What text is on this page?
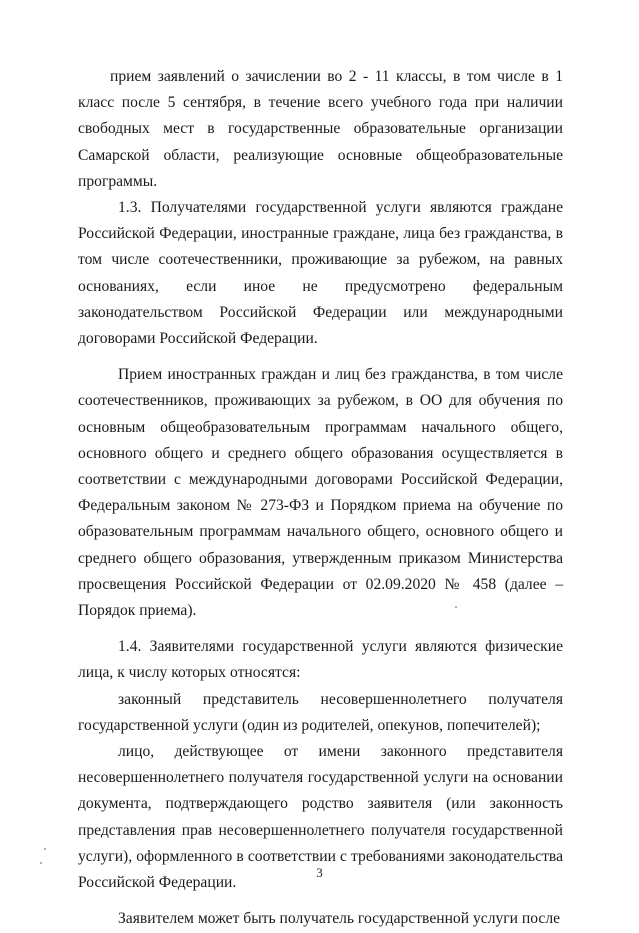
прием заявлений о зачислении во 2 - 11 классы, в том числе в 1 класс после 5 сентября, в течение всего учебного года при наличии свободных мест в государственные образовательные организации Самарской области, реализующие основные общеобразовательные программы.

1.3. Получателями государственной услуги являются граждане Российской Федерации, иностранные граждане, лица без гражданства, в том числе соотечественники, проживающие за рубежом, на равных основаниях, если иное не предусмотрено федеральным законодательством Российской Федерации или международными договорами Российской Федерации.

Прием иностранных граждан и лиц без гражданства, в том числе соотечественников, проживающих за рубежом, в ОО для обучения по основным общеобразовательным программам начального общего, основного общего и среднего общего образования осуществляется в соответствии с международными договорами Российской Федерации, Федеральным законом № 273-ФЗ и Порядком приема на обучение по образовательным программам начального общего, основного общего и среднего общего образования, утвержденным приказом Министерства просвещения Российской Федерации от 02.09.2020 № 458 (далее – Порядок приема).

1.4. Заявителями государственной услуги являются физические лица, к числу которых относятся:

законный представитель несовершеннолетнего получателя государственной услуги (один из родителей, опекунов, попечителей);

лицо, действующее от имени законного представителя несовершеннолетнего получателя государственной услуги на основании документа, подтверждающего родство заявителя (или законность представления прав несовершеннолетнего получателя государственной услуги), оформленного в соответствии с требованиями законодательства Российской Федерации.

Заявителем может быть получатель государственной услуги после

3
